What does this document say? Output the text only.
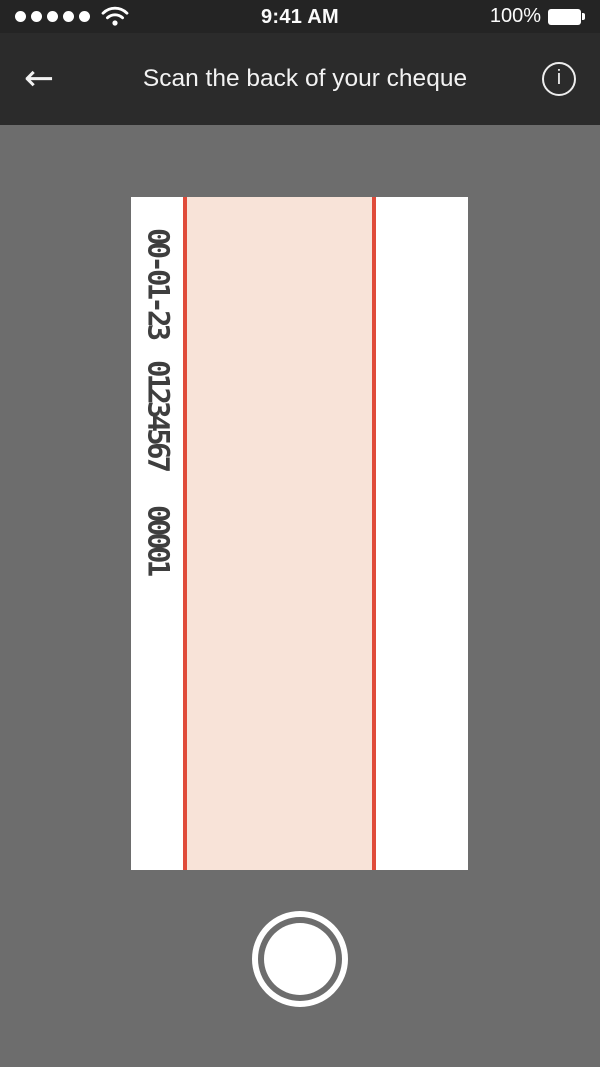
9:41 AM	100%
←	Scan the back of your cheque	i
00-01-23
01234567
00001
